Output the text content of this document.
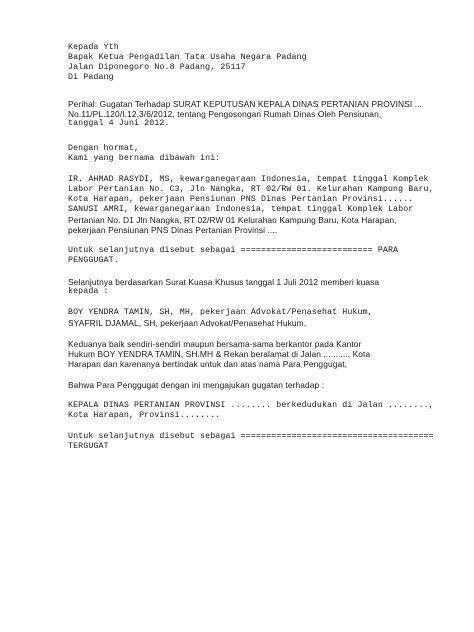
Kepada Yth
Bapak Ketua Pengadilan Tata Usaha Negara Padang
Jalan Diponegoro No.8 Padang, 25117
Di Padang
Perihal: Gugatan Terhadap SURAT KEPUTUSAN KEPALA DINAS PERTANIAN PROVINSI ...
No.11/PL.120/I.12.3/6/2012, tentang Pengosongan Rumah Dinas Oleh Pensiunan,
tanggal 4 Juni 2012.
Dengan hormat,
Kami yang bernama dibawah ini:
IR. AHMAD RASYDI, MS, kewarganegaraan Indonesia, tempat tinggal Komplek
Labor Pertanian No. C3, Jln Nangka, RT 02/RW 01. Kelurahan Kampung Baru,
Kota Harapan, pekerjaan Pensiunan PNS Dinas Pertanian Provinsi......
SANUSI AMRI, kewarganegaraan Indonesia, tempat tinggal Komplek Labor
Pertanian No. D1 Jln Nangka, RT 02/RW 01 Kelurahan Kampung Baru, Kota Harapan,
pekerjaan Pensiunan PNS Dinas Pertanian Provinsi ....
Untuk selanjutnya disebut sebagai ========================== PARA
PENGGUGAT.
Selanjutnya berdasarkan Surat Kuasa Khusus tanggal 1 Juli 2012 memberi kuasa
kepada :
BOY YENDRA TAMIN, SH, MH, pekerjaan Advokat/Penasehat Hukum,
SYAFRIL DJAMAL, SH, pekerjaan Advokat/Penasehat Hukum,
Keduanya baik sendiri-sendiri maupun bersama-sama berkantor pada Kantor
Hukum BOY YENDRA TAMIN, SH.MH & Rekan beralamat di Jalan .........., Kota
Harapan dan karenanya bertindak untuk dan atas nama Para Penggugat,
Bahwa Para Penggugat dengan ini mengajukan gugatan terhadap :
KEPALA DINAS PERTANIAN PROVINSI ........ berkedudukan di Jalan ........,
Kota Harapan, Provinsi........
Untuk selanjutnya disebut sebagai ======================================
TERGUGAT
